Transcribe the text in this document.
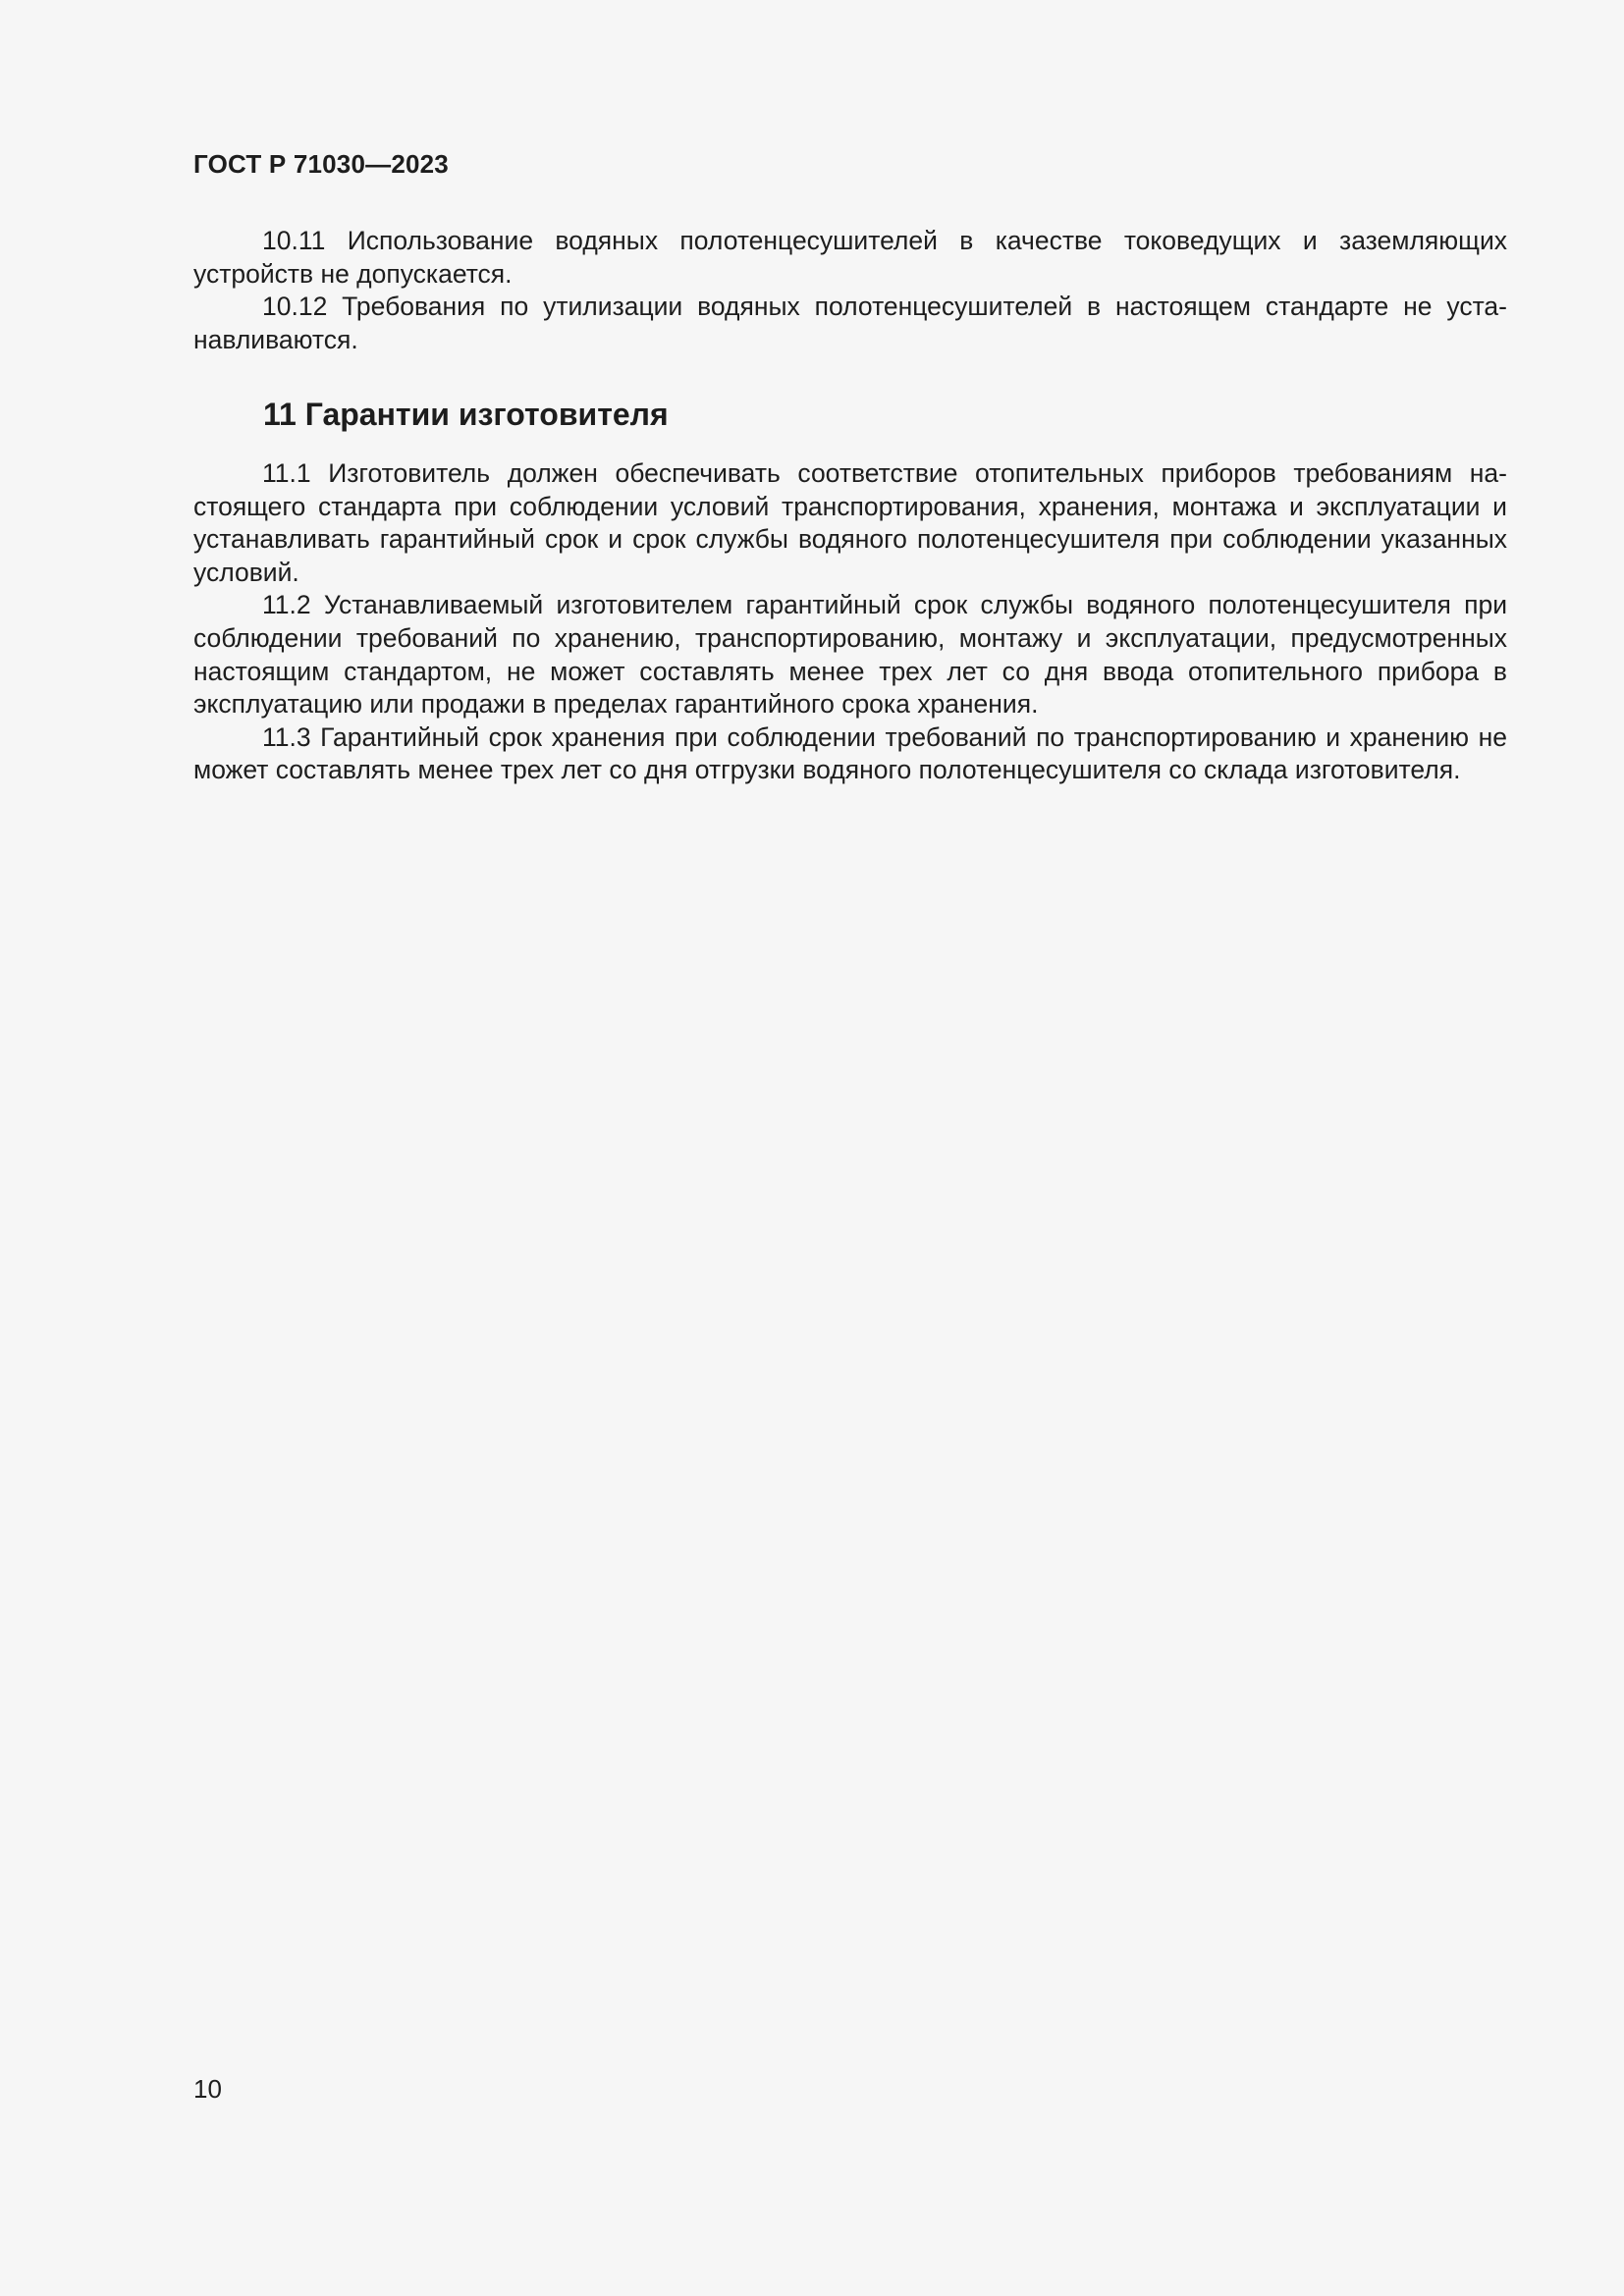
ГОСТ Р 71030—2023

10.11 Использование водяных полотенцесушителей в качестве токоведущих и заземляющих устройств не допускается.

10.12 Требования по утилизации водяных полотенцесушителей в настоящем стандарте не устанавливаются.

11 Гарантии изготовителя

11.1 Изготовитель должен обеспечивать соответствие отопительных приборов требованиям настоящего стандарта при соблюдении условий транспортирования, хранения, монтажа и эксплуатации и устанавливать гарантийный срок и срок службы водяного полотенцесушителя при соблюдении указанных условий.

11.2 Устанавливаемый изготовителем гарантийный срок службы водяного полотенцесушителя при соблюдении требований по хранению, транспортированию, монтажу и эксплуатации, предусмотренных настоящим стандартом, не может составлять менее трех лет со дня ввода отопительного прибора в эксплуатацию или продажи в пределах гарантийного срока хранения.

11.3 Гарантийный срок хранения при соблюдении требований по транспортированию и хранению не может составлять менее трех лет со дня отгрузки водяного полотенцесушителя со склада изготовителя.

10
